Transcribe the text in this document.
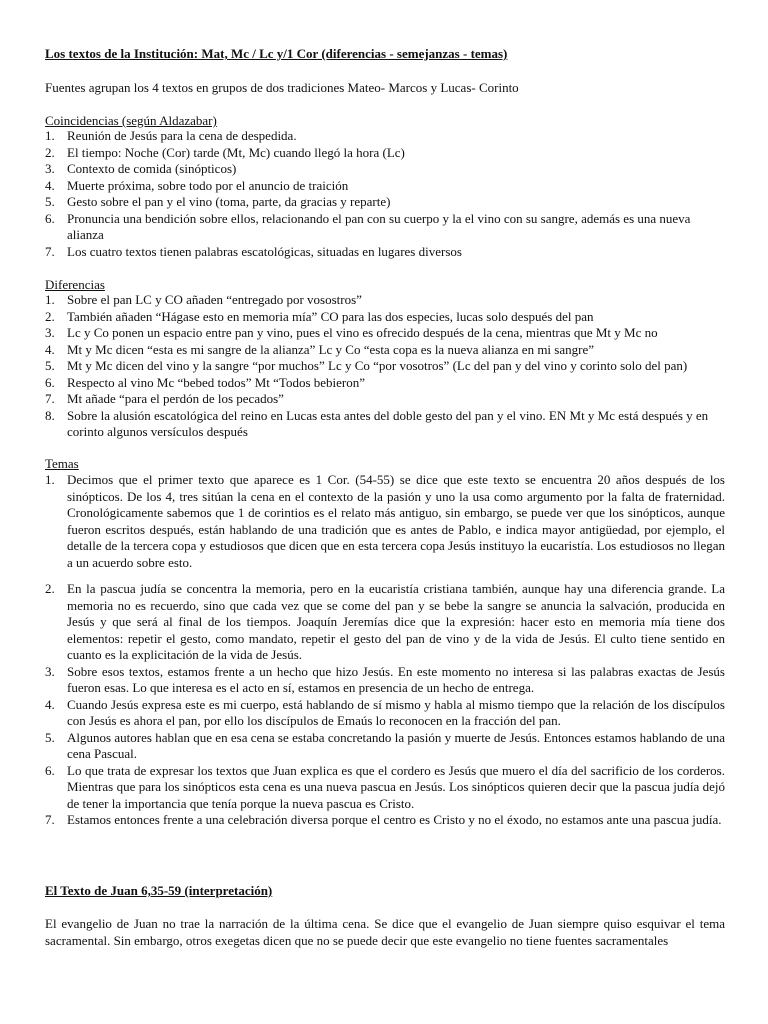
Los textos de la Institución: Mat, Mc / Lc y/1 Cor (diferencias - semejanzas - temas)
Fuentes agrupan los 4 textos en grupos de dos tradiciones Mateo- Marcos y Lucas- Corinto
Coincidencias (según Aldazabar)
1. Reunión de Jesús para la cena de despedida.
2. El tiempo: Noche (Cor) tarde (Mt, Mc) cuando llegó la hora (Lc)
3. Contexto de comida (sinópticos)
4. Muerte próxima, sobre todo por el anuncio de traición
5. Gesto sobre el pan y el vino (toma, parte, da gracias y reparte)
6. Pronuncia una bendición sobre ellos, relacionando el pan con su cuerpo y la el vino con su sangre, además es una nueva alianza
7. Los cuatro textos tienen palabras escatológicas, situadas en lugares diversos
Diferencias
1. Sobre el pan LC y CO añaden “entregado por vosostros”
2. También añaden “Hágase esto en memoria mía” CO para las dos especies, lucas solo después del pan
3. Lc y Co ponen un espacio entre pan y vino, pues el vino es ofrecido después de la cena, mientras que Mt y Mc no
4. Mt y Mc dicen “esta es mi sangre de la alianza” Lc y Co “esta copa es la nueva alianza en mi sangre”
5. Mt y Mc dicen del vino y la sangre “por muchos” Lc y Co “por vosotros” (Lc del pan y del vino y corinto solo del pan)
6. Respecto al vino Mc “bebed todos” Mt “Todos bebieron”
7. Mt añade “para el perdón de los pecados”
8. Sobre la alusión escatológica del reino en Lucas esta antes del doble gesto del pan y el vino. EN Mt y Mc está después y en corinto algunos versículos después
Temas
1. Decimos que el primer texto que aparece es 1 Cor. (54-55) se dice que este texto se encuentra 20 años después de los sinópticos. De los 4, tres sitúan la cena en el contexto de la pasión y uno la usa como argumento por la falta de fraternidad. Cronológicamente sabemos que 1 de corintios es el relato más antiguo, sin embargo, se puede ver que los sinópticos, aunque fueron escritos después, están hablando de una tradición que es antes de Pablo, e indica mayor antigüedad, por ejemplo, el detalle de la tercera copa y estudiosos que dicen que en esta tercera copa Jesús instituyo la eucaristía. Los estudiosos no llegan a un acuerdo sobre esto.
2. En la pascua judía se concentra la memoria, pero en la eucaristía cristiana también, aunque hay una diferencia grande. La memoria no es recuerdo, sino que cada vez que se come del pan y se bebe la sangre se anuncia la salvación, producida en Jesús y que será al final de los tiempos. Joaquín Jeremías dice que la expresión: hacer esto en memoria mía tiene dos elementos: repetir el gesto, como mandato, repetir el gesto del pan de vino y de la vida de Jesús. El culto tiene sentido en cuanto es la explicitación de la vida de Jesús.
3. Sobre esos textos, estamos frente a un hecho que hizo Jesús. En este momento no interesa si las palabras exactas de Jesús fueron esas. Lo que interesa es el acto en sí, estamos en presencia de un hecho de entrega.
4. Cuando Jesús expresa este es mi cuerpo, está hablando de sí mismo y habla al mismo tiempo que la relación de los discípulos con Jesús es ahora el pan, por ello los discípulos de Emaús lo reconocen en la fracción del pan.
5. Algunos autores hablan que en esa cena se estaba concretando la pasión y muerte de Jesús. Entonces estamos hablando de una cena Pascual.
6. Lo que trata de expresar los textos que Juan explica es que el cordero es Jesús que muero el día del sacrificio de los corderos. Mientras que para los sinópticos esta cena es una nueva pascua en Jesús. Los sinópticos quieren decir que la pascua judía dejó de tener la importancia que tenía porque la nueva pascua es Cristo.
7. Estamos entonces frente a una celebración diversa porque el centro es Cristo y no el éxodo, no estamos ante una pascua judía.
El Texto de Juan 6,35-59 (interpretación)
El evangelio de Juan no trae la narración de la última cena. Se dice que el evangelio de Juan siempre quiso esquivar el tema sacramental. Sin embargo, otros exegetas dicen que no se puede decir que este evangelio no tiene fuentes sacramentales
